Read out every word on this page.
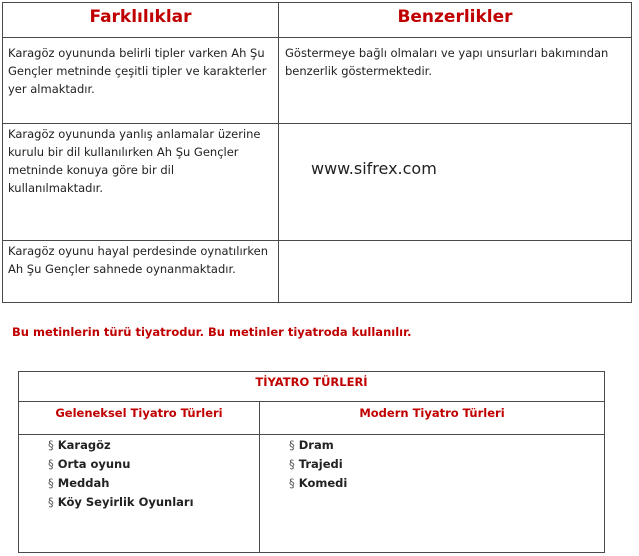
Farklılıklar	Benzerlikler
Karagöz oyununda belirli tipler varken Ah Şu Gençler metninde çeşitli tipler ve karakterler yer almaktadır.
Göstermeye bağlı olmaları ve yapı unsurları bakımından benzerlik göstermektedir.
Karagöz oyununda yanlış anlamalar üzerine kurulu bir dil kullanılırken Ah Şu Gençler metninde konuya göre bir dil kullanılmaktadır.
www.sifrex.com
Karagöz oyunu hayal perdesinde oynatılırken Ah Şu Gençler sahnede oynanmaktadır.
Bu metinlerin türü tiyatrodur. Bu metinler tiyatroda kullanılır.
TİYATRO TÜRLERİ
Geleneksel Tiyatro Türleri	Modern Tiyatro Türleri
§ Karagöz
§ Orta oyunu
§ Meddah
§ Köy Seyirlik Oyunları
§ Dram
§ Trajedi
§ Komedi
